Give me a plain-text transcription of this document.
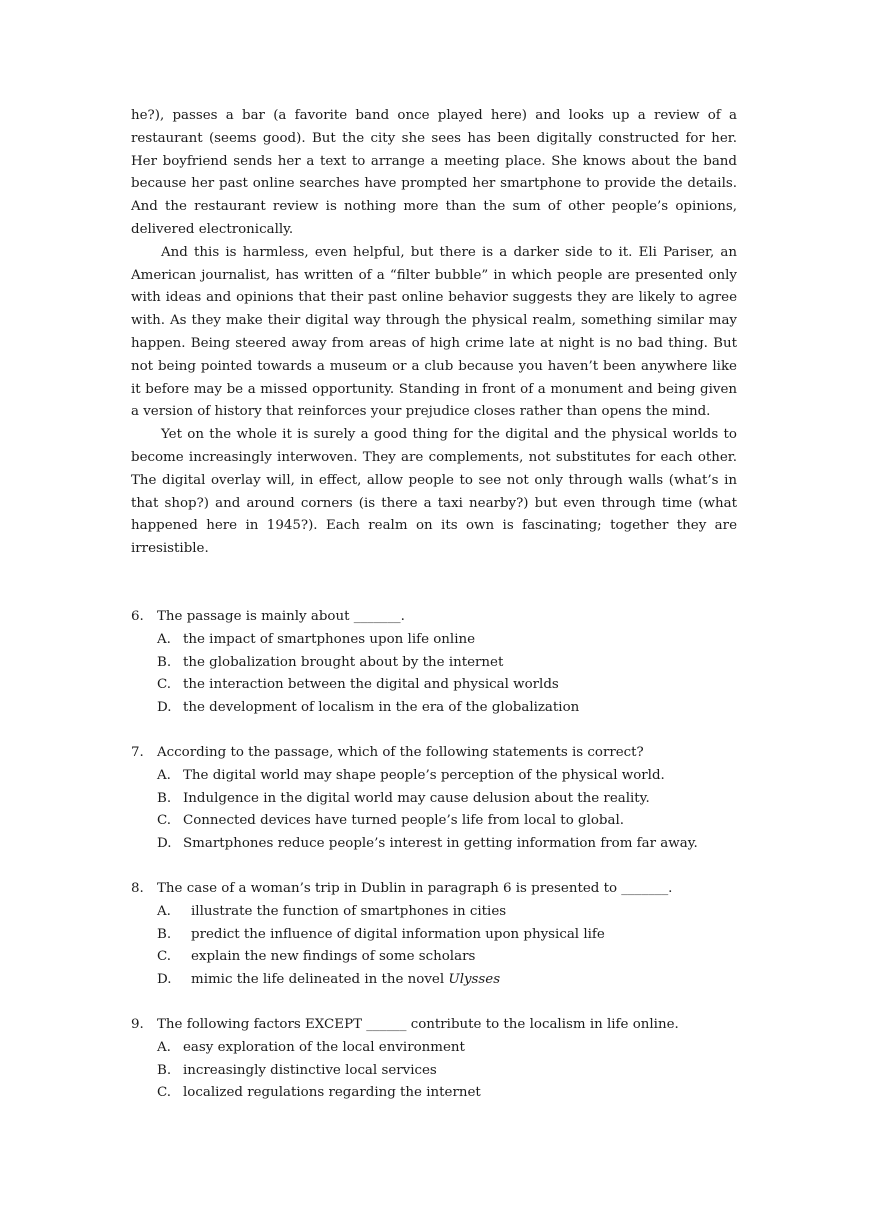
he?), passes a bar (a favorite band once played here) and looks up a review of a restaurant (seems good). But the city she sees has been digitally constructed for her. Her boyfriend sends her a text to arrange a meeting place. She knows about the band because her past online searches have prompted her smartphone to provide the details. And the restaurant review is nothing more than the sum of other people’s opinions, delivered electronically.

And this is harmless, even helpful, but there is a darker side to it. Eli Pariser, an American journalist, has written of a “filter bubble” in which people are presented only with ideas and opinions that their past online behavior suggests they are likely to agree with. As they make their digital way through the physical realm, something similar may happen. Being steered away from areas of high crime late at night is no bad thing. But not being pointed towards a museum or a club because you haven’t been anywhere like it before may be a missed opportunity. Standing in front of a monument and being given a version of history that reinforces your prejudice closes rather than opens the mind.

Yet on the whole it is surely a good thing for the digital and the physical worlds to become increasingly interwoven. They are complements, not substitutes for each other. The digital overlay will, in effect, allow people to see not only through walls (what’s in that shop?) and around corners (is there a taxi nearby?) but even through time (what happened here in 1945?). Each realm on its own is fascinating; together they are irresistible.

6. The passage is mainly about _______.
A. the impact of smartphones upon life online
B. the globalization brought about by the internet
C. the interaction between the digital and physical worlds
D. the development of localism in the era of the globalization
7. According to the passage, which of the following statements is correct?
A. The digital world may shape people’s perception of the physical world.
B. Indulgence in the digital world may cause delusion about the reality.
C. Connected devices have turned people’s life from local to global.
D. Smartphones reduce people’s interest in getting information from far away.
8. The case of a woman’s trip in Dublin in paragraph 6 is presented to _______.
A. illustrate the function of smartphones in cities
B. predict the influence of digital information upon physical life
C. explain the new findings of some scholars
D. mimic the life delineated in the novel Ulysses
9. The following factors EXCEPT ______ contribute to the localism in life online.
A. easy exploration of the local environment
B. increasingly distinctive local services
C. localized regulations regarding the internet
